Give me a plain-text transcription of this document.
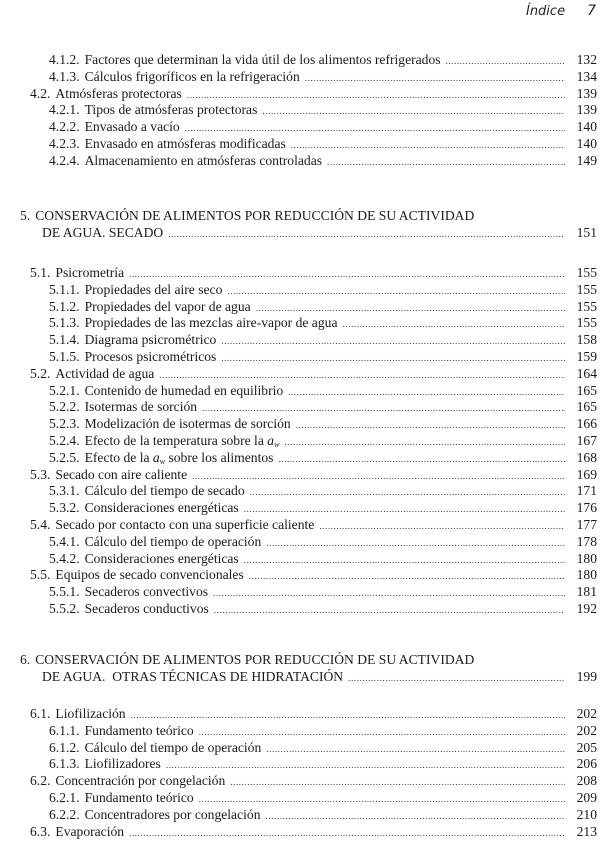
Índice 7
4.1.2. Factores que determinan la vida útil de los alimentos refrigerados .....	132
4.1.3. Cálculos frigoríficos en la refrigeración .....	134
4.2. Atmósferas protectoras .....	139
4.2.1. Tipos de atmósferas protectoras .....	139
4.2.2. Envasado a vacío .....	140
4.2.3. Envasado en atmósferas modificadas .....	140
4.2.4. Almacenamiento en atmósferas controladas .....	149
5. CONSERVACIÓN DE ALIMENTOS POR REDUCCIÓN DE SU ACTIVIDAD
DE AGUA. SECADO .....	151
5.1. Psicrometría .....	155
5.1.1. Propiedades del aire seco .....	155
5.1.2. Propiedades del vapor de agua .....	155
5.1.3. Propiedades de las mezclas aire-vapor de agua .....	155
5.1.4. Diagrama psicrométrico .....	158
5.1.5. Procesos psicrométricos .....	159
5.2. Actividad de agua .....	164
5.2.1. Contenido de humedad en equilibrio .....	165
5.2.2. Isotermas de sorción .....	165
5.2.3. Modelización de isotermas de sorción .....	166
5.2.4. Efecto de la temperatura sobre la $a_w$ .....	167
5.2.5. Efecto de la $a_w$ sobre los alimentos .....	168
5.3. Secado con aire caliente .....	169
5.3.1. Cálculo del tiempo de secado .....	171
5.3.2. Consideraciones energéticas .....	176
5.4. Secado por contacto con una superficie caliente .....	177
5.4.1. Cálculo del tiempo de operación .....	178
5.4.2. Consideraciones energéticas .....	180
5.5. Equipos de secado convencionales .....	180
5.5.1. Secaderos convectivos .....	181
5.5.2. Secaderos conductivos .....	192
6. CONSERVACIÓN DE ALIMENTOS POR REDUCCIÓN DE SU ACTIVIDAD
DE AGUA.  OTRAS TÉCNICAS DE HIDRATACIÓN .....	199
6.1. Liofilización .....	202
6.1.1. Fundamento teórico .....	202
6.1.2. Cálculo del tiempo de operación .....	205
6.1.3. Liofilizadores .....	206
6.2. Concentración por congelación .....	208
6.2.1. Fundamento teórico .....	209
6.2.2. Concentradores por congelación .....	210
6.3. Evaporación .....	213
